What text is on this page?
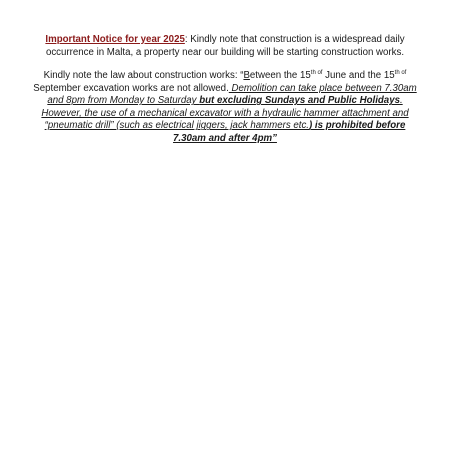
Important Notice for year 2025: Kindly note that construction is a widespread daily occurrence in Malta, a property near our building will be starting construction works.

Kindly note the law about construction works: “Between the $15^{th of}$ June and the $15^{th of}$ September excavation works are not allowed. Demolition can take place between 7.30am and 8pm from Monday to Saturday but excluding Sundays and Public Holidays. However, the use of a mechanical excavator with a hydraulic hammer attachment and “pneumatic drill” (such as electrical jiggers, jack hammers etc.) is prohibited before 7.30am and after 4pm”
